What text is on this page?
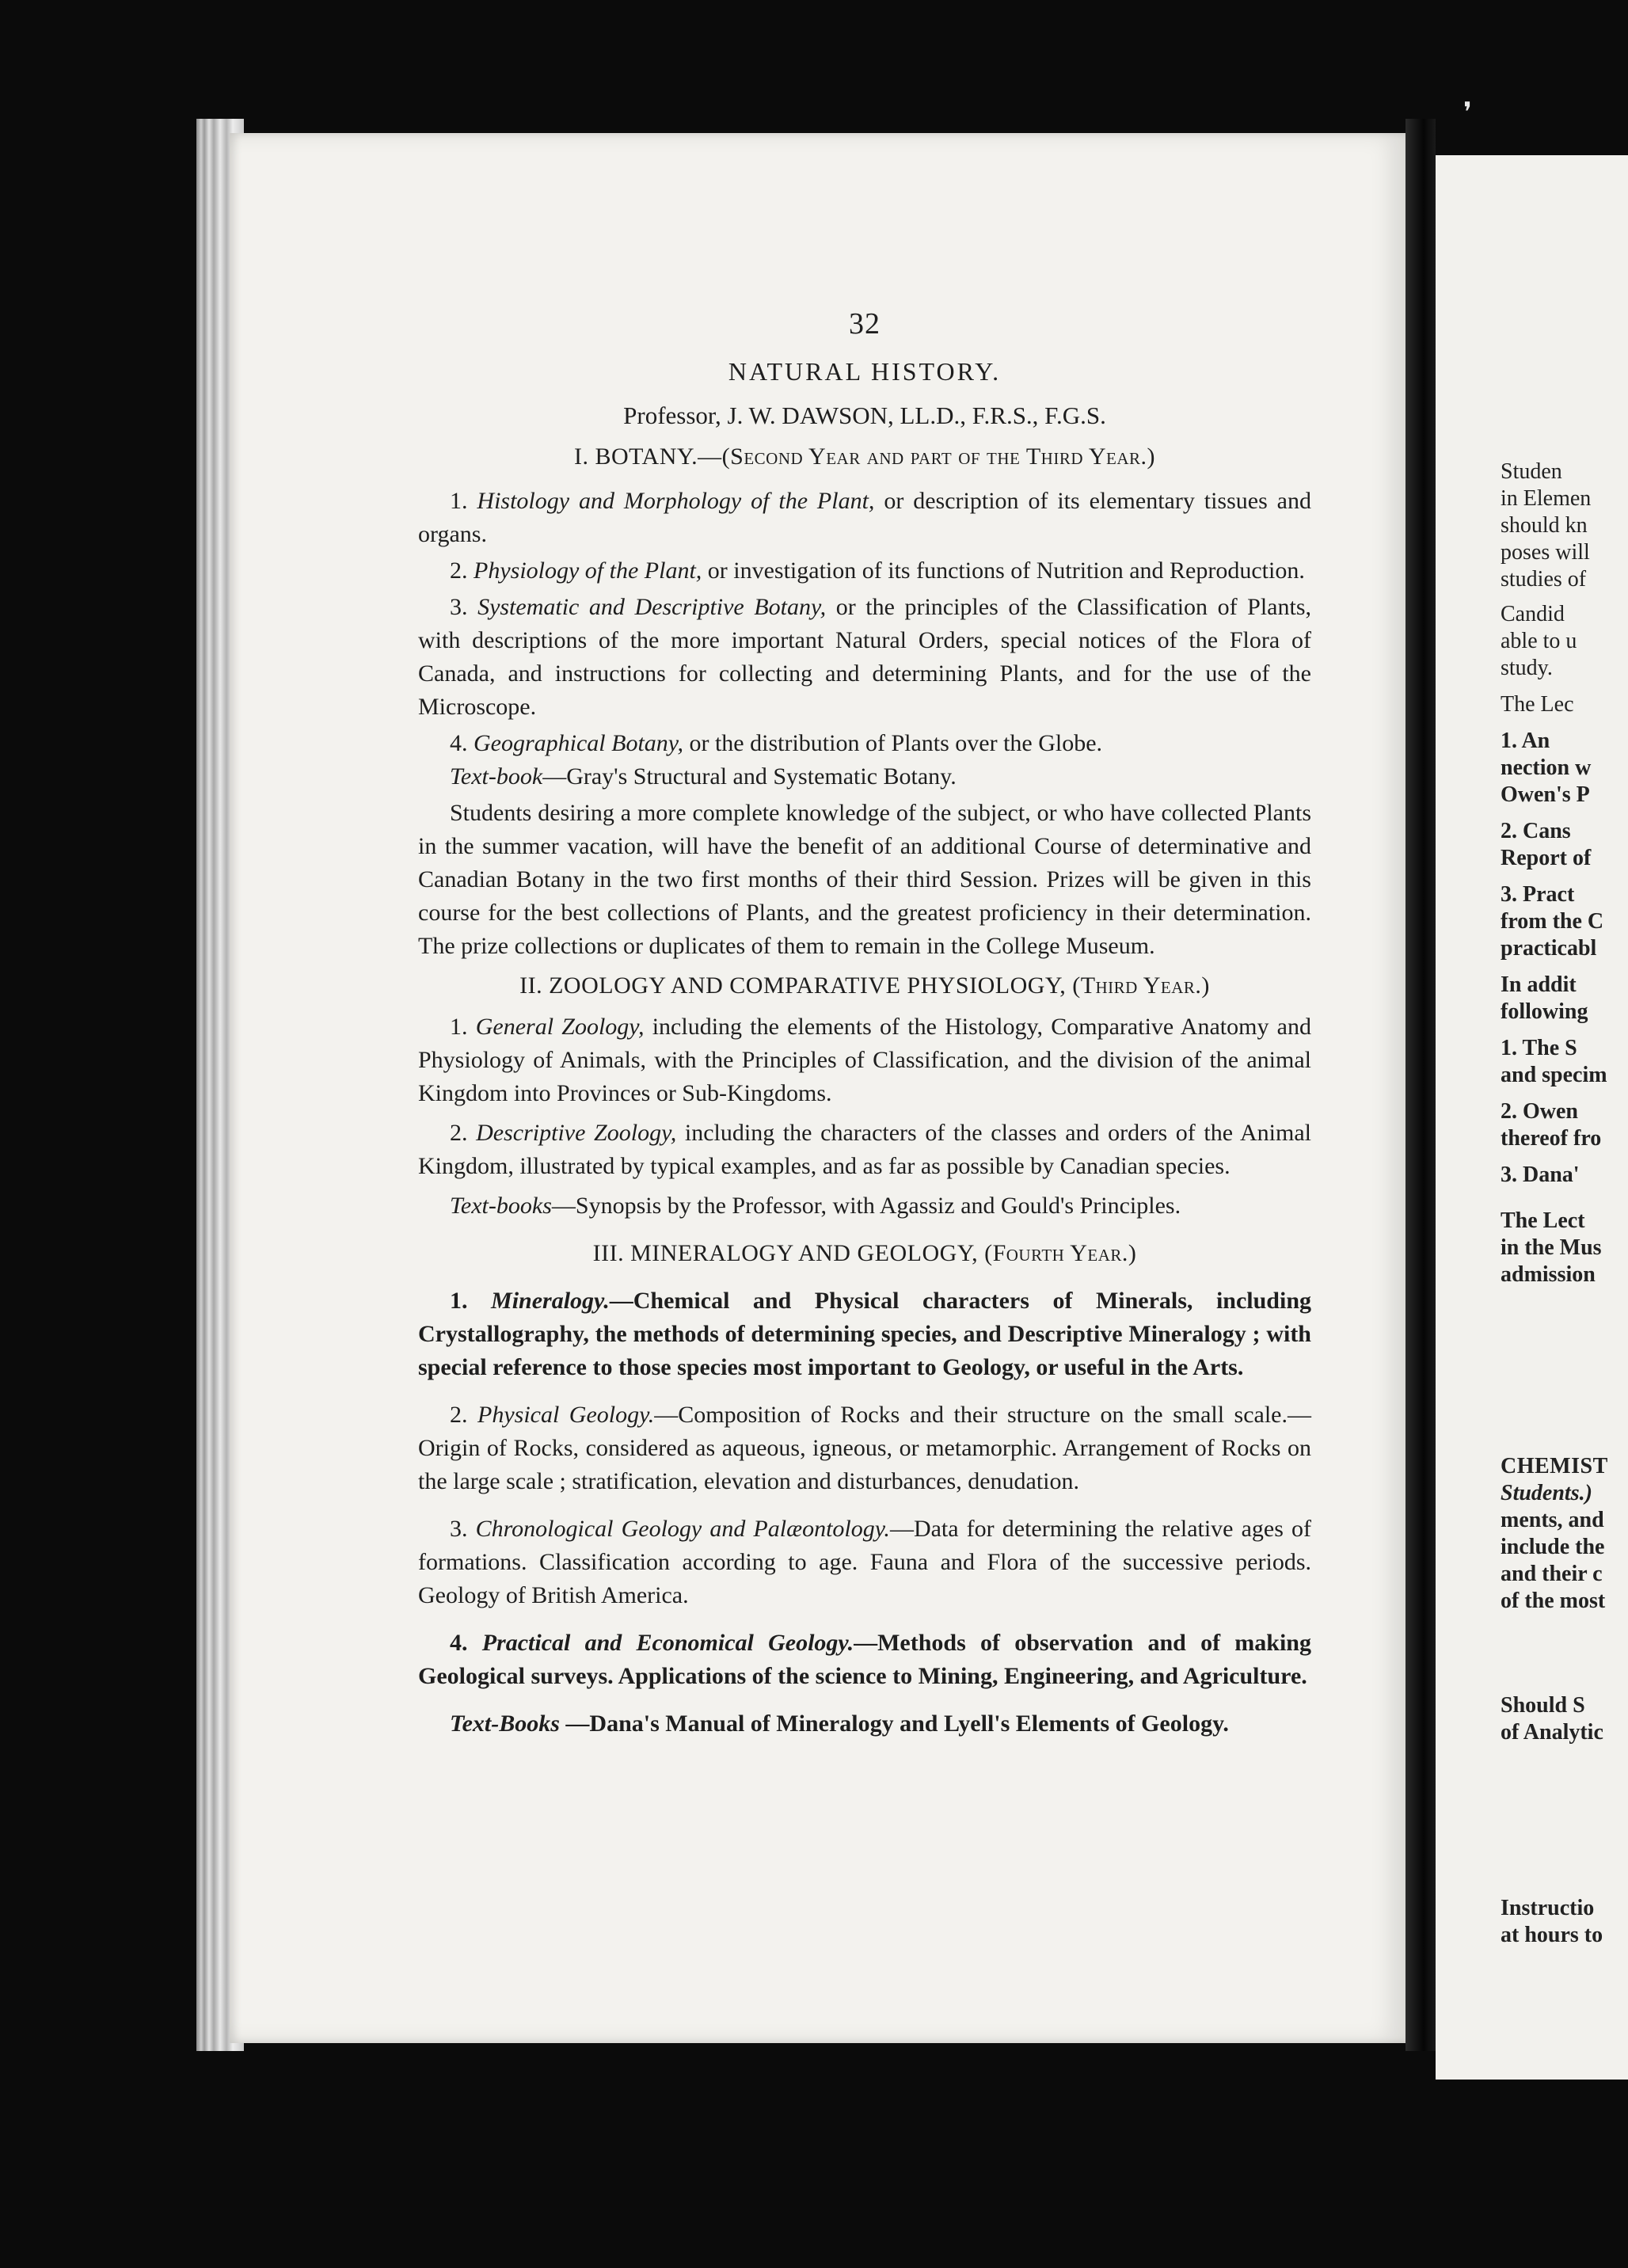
❜
32
NATURAL HISTORY.
Professor, J. W. DAWSON, LL.D., F.R.S., F.G.S.
I. BOTANY.—(Second Year and part of the Third Year.)

1. Histology and Morphology of the Plant, or description of its elementary tissues and organs.

2. Physiology of the Plant, or investigation of its functions of Nutrition and Reproduction.

3. Systematic and Descriptive Botany, or the principles of the Classification of Plants, with descriptions of the more important Natural Orders, special notices of the Flora of Canada, and instructions for collecting and determining Plants, and for the use of the Microscope.

4. Geographical Botany, or the distribution of Plants over the Globe.

Text-book—Gray's Structural and Systematic Botany.

Students desiring a more complete knowledge of the subject, or who have collected Plants in the summer vacation, will have the benefit of an additional Course of determinative and Canadian Botany in the two first months of their third Session. Prizes will be given in this course for the best collections of Plants, and the greatest proficiency in their determination. The prize collections or duplicates of them to remain in the College Museum.

II. ZOOLOGY AND COMPARATIVE PHYSIOLOGY, (Third Year.)

1. General Zoology, including the elements of the Histology, Comparative Anatomy and Physiology of Animals, with the Principles of Classification, and the division of the animal Kingdom into Provinces or Sub-Kingdoms.

2. Descriptive Zoology, including the characters of the classes and orders of the Animal Kingdom, illustrated by typical examples, and as far as possible by Canadian species.

Text-books—Synopsis by the Professor, with Agassiz and Gould's Principles.

III. MINERALOGY AND GEOLOGY, (Fourth Year.)

1. Mineralogy.—Chemical and Physical characters of Minerals, including Crystallography, the methods of determining species, and Descriptive Mineralogy ; with special reference to those species most important to Geology, or useful in the Arts.

2. Physical Geology.—Composition of Rocks and their structure on the small scale.—Origin of Rocks, considered as aqueous, igneous, or metamorphic. Arrangement of Rocks on the large scale ; stratification, elevation and disturbances, denudation.

3. Chronological Geology and Palæontology.—Data for determining the relative ages of formations. Classification according to age. Fauna and Flora of the successive periods. Geology of British America.

4. Practical and Economical Geology.—Methods of observation and of making Geological surveys. Applications of the science to Mining, Engineering, and Agriculture.

Text-Books —Dana's Manual of Mineralogy and Lyell's Elements of Geology.

Studen
in Elemen
should kn
poses will
studies of
Candid
able to u
study.
The Lec
1. An
nection w
Owen's P
2. Cans
Report of
3. Pract
from the C
practicabl
In addit
following
1. The S
and specim
2. Owen
thereof fro
3. Dana'
The Lect
in the Mus
admission
CHEMIST
Students.)
ments, and
include the
and their c
of the most
Should S
of Analytic
Instructio
at hours to
